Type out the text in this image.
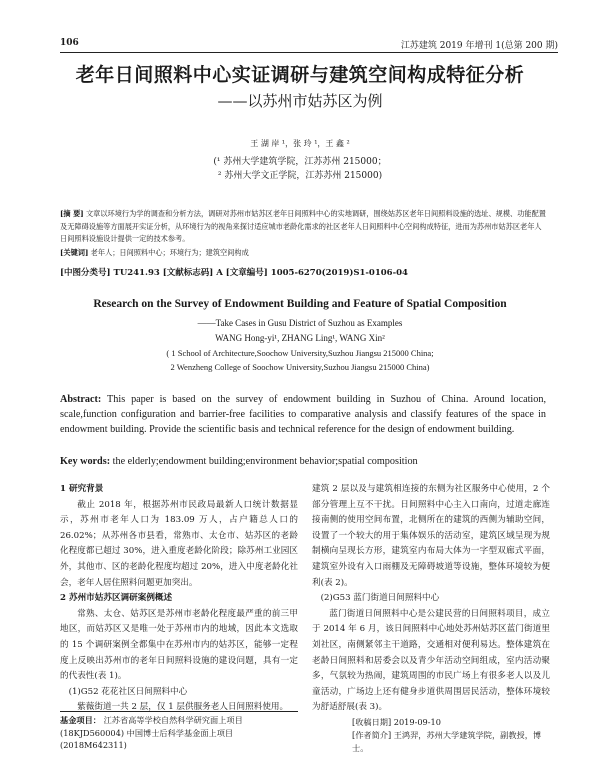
106	江苏建筑 2019 年增刊 1(总第 200 期)
老年日间照料中心实证调研与建筑空间构成特征分析
——以苏州市姑苏区为例
王 湖 岸 ¹，张 玲 ¹，王 鑫 ²
(¹ 苏州大学建筑学院，江苏苏州 215000；
² 苏州大学文正学院，江苏苏州 215000)
[摘 要] 文章以环境行为学的调查和分析方法，调研对苏州市姑苏区老年日间照料中心的实地调研，围绕姑苏区老年日间照料设施的选址、规模、功能配置及无障碍设施等方面展开实证分析，从环境行为的视角来探讨适应城市老龄化需求的社区老年人日间照料中心空间构成特征，进而为苏州市姑苏区老年人日间照料设施设计提供一定的技术参考。
[关键词] 老年人；日间照料中心；环境行为；建筑空间构成
[中图分类号] TU241.93 [文献标志码] A [文章编号] 1005-6270(2019)S1-0106-04
Research on the Survey of Endowment Building and Feature of Spatial Composition
——Take Cases in Gusu District of Suzhou as Examples
WANG Hong-yi¹, ZHANG Ling¹, WANG Xin²
( 1 School of Architecture,Soochow University,Suzhou Jiangsu 215000 China;
2 Wenzheng College of Soochow University,Suzhou Jiangsu 215000 China)
Abstract: This paper is based on the survey of endowment building in Suzhou of China. Around location, scale,function configuration and barrier-free facilities to comparative analysis and classify features of the space in endowment building. Provide the scientific basis and technical reference for the design of endowment building.
Key words: the elderly;endowment building;environment behavior;spatial composition

1 研究背景

截止 2018 年，根据苏州市民政局最新人口统计数据显示，苏州市老年人口为 183.09 万人，占户籍总人口的 26.02%；从苏州各市县看，常熟市、太仓市、姑苏区的老龄化程度都已超过 30%，进入重度老龄化阶段；除苏州工业园区外，其他市、区的老龄化程度均超过 20%，进入中度老龄化社会，老年人居住照料问题更加突出。

2 苏州市姑苏区调研案例概述

常熟、太仓、姑苏区是苏州市老龄化程度最严重的前三甲地区，而姑苏区又是唯一处于苏州市内的地域，因此本文选取的 15 个调研案例全都集中在苏州市内的姑苏区，能够一定程度上反映出苏州市的老年日间照料设施的建设问题，具有一定的代表性(表 1)。

(1)G52 花花社区日间照料中心

紫薇街道一共 2 层，仅 1 层供服务老人日间照料使用。

建筑 2 层以及与建筑相连接的东侧为社区服务中心使用，2 个部分管理上互不干扰。日间照料中心主入口南向，过道走廊连接南侧的使用空间布置，北侧所在的建筑的西侧为辅助空间，设置了一个较大的用于集体娱乐的活动室，建筑区域呈现为规制横向呈现长方形，建筑室内布局大体为一字型双廊式平面，建筑室外设有入口雨棚及无障碍坡道等设施，整体环境较为便利(表 2)。

(2)G53 蓝门街道日间照料中心

蓝门街道日间照料中心是公建民营的日间照料项目，成立于 2014 年 6 月，该日间照料中心地处苏州姑苏区蓝门街道里刘社区，南侧紧邻主干道路，交通相对便利易达。整体建筑在老龄日间照料和居委会以及青少年活动空间组成，室内活动聚多，气氛较为热闹，建筑周围的市民广场上有很多老人以及儿童活动，广场边上还有健身步道供周围居民活动，整体环境较为舒适舒展(表 3)。

基金项目： 江苏省高等学校自然科学研究面上项目 (18KJD560004) 中国博士后科学基金面上项目 (2018M642311)
[收稿日期] 2019-09-10
[作者简介] 王鸿羿，苏州大学建筑学院，副教授，博士。
